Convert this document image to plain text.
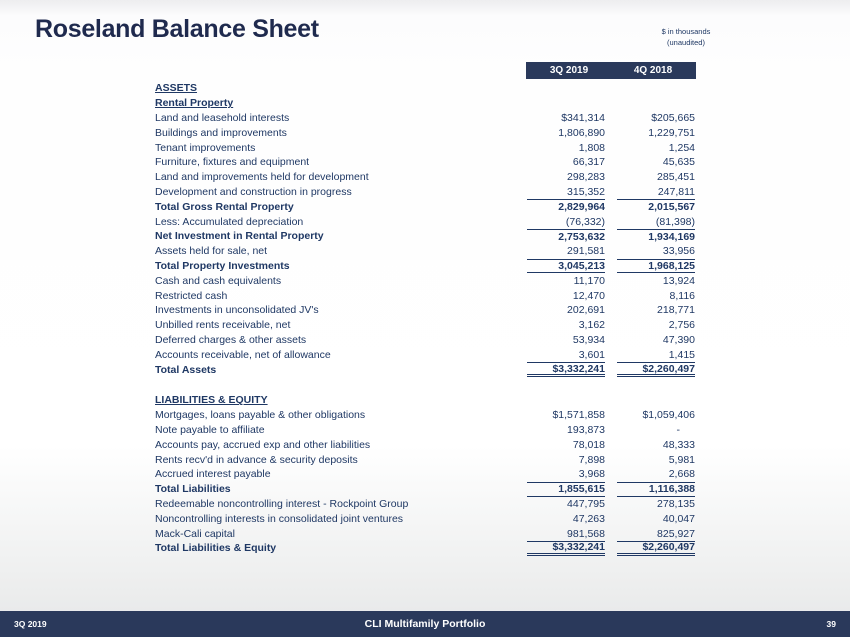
Roseland Balance Sheet	$ in thousands
(unaudited)
3Q 2019	4Q 2018
ASSETS
Rental Property
Land and leasehold interests	$341,314	$205,665
Buildings and improvements	1,806,890	1,229,751
Tenant improvements	1,808	1,254
Furniture, fixtures and equipment	66,317	45,635
Land and improvements held for development	298,283	285,451
Development and construction in progress	315,352	247,811
Total Gross Rental Property	2,829,964	2,015,567
Less: Accumulated depreciation	(76,332)	(81,398)
Net Investment in Rental Property	2,753,632	1,934,169
Assets held for sale, net	291,581	33,956
Total Property Investments	3,045,213	1,968,125
Cash and cash equivalents	11,170	13,924
Restricted cash	12,470	8,116
Investments in unconsolidated JV's	202,691	218,771
Unbilled rents receivable, net	3,162	2,756
Deferred charges & other assets	53,934	47,390
Accounts receivable, net of allowance	3,601	1,415
Total Assets	$3,332,241	$2,260,497
LIABILITIES & EQUITY
Mortgages, loans payable & other obligations	$1,571,858	$1,059,406
Note payable to affiliate	193,873	-
Accounts pay, accrued exp and other liabilities	78,018	48,333
Rents recv'd in advance & security deposits	7,898	5,981
Accrued interest payable	3,968	2,668
Total Liabilities	1,855,615	1,116,388
Redeemable noncontrolling interest - Rockpoint Group	447,795	278,135
Noncontrolling interests in consolidated joint ventures	47,263	40,047
Mack-Cali capital	981,568	825,927
Total Liabilities & Equity	$3,332,241	$2,260,497
3Q 2019	CLI Multifamily Portfolio	39
